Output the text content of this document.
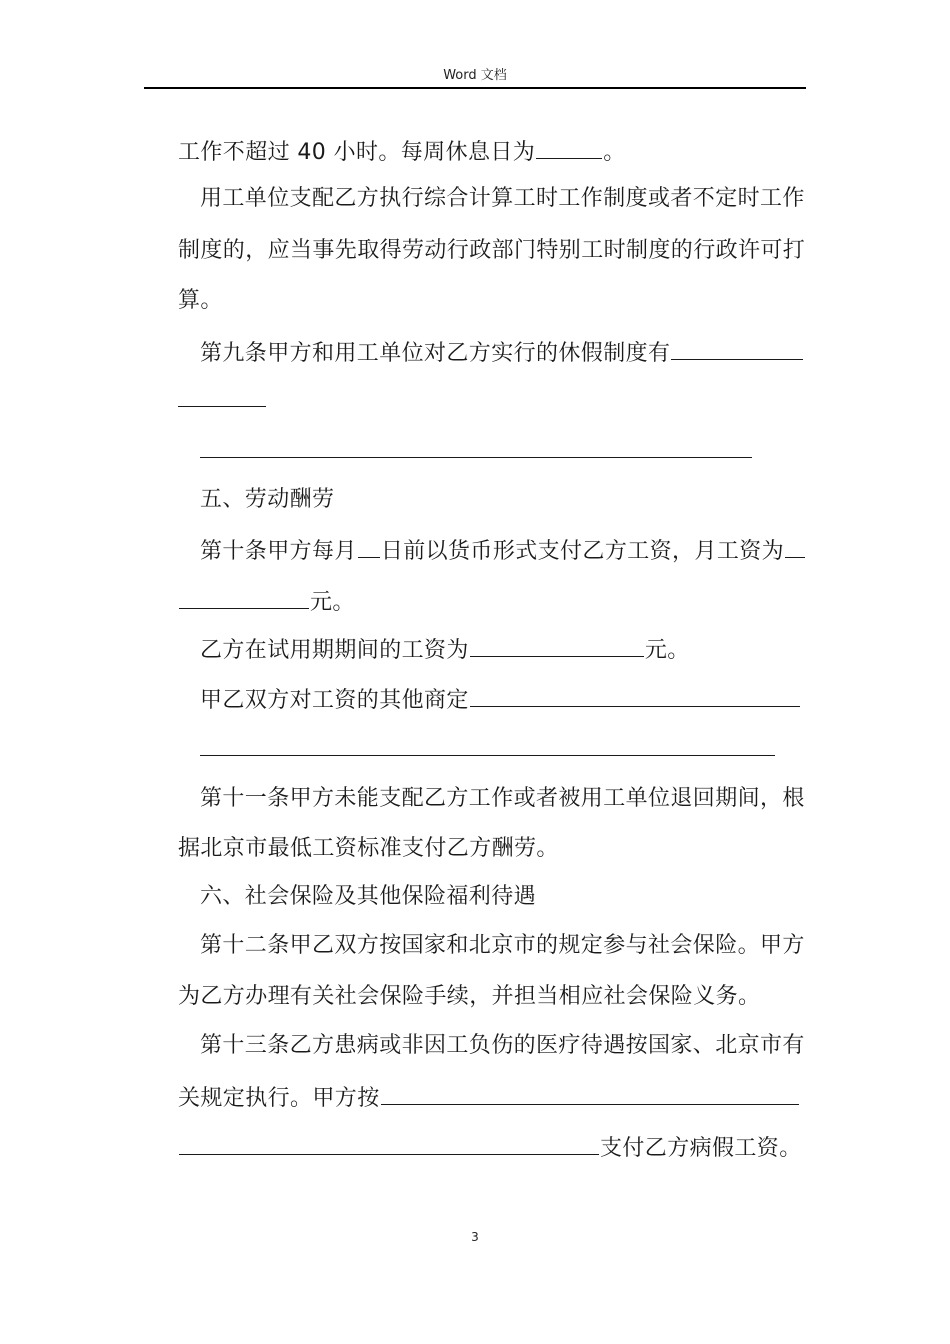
Word 文档
工作不超过 40 小时。每周休息日为	。
用工单位支配乙方执行综合计算工时工作制度或者不定时工作
制度的，应当事先取得劳动行政部门特别工时制度的行政许可打
算。
第九条甲方和用工单位对乙方实行的休假制度有
五、劳动酬劳
第十条甲方每月 日前以货币形式支付乙方工资，月工资为
元。
乙方在试用期期间的工资为	元。
甲乙双方对工资的其他商定
第十一条甲方未能支配乙方工作或者被用工单位退回期间，根
据北京市最低工资标准支付乙方酬劳。
六、社会保险及其他保险福利待遇
第十二条甲乙双方按国家和北京市的规定参与社会保险。甲方
为乙方办理有关社会保险手续，并担当相应社会保险义务。
第十三条乙方患病或非因工负伤的医疗待遇按国家、北京市有
关规定执行。甲方按
支付乙方病假工资。
3
